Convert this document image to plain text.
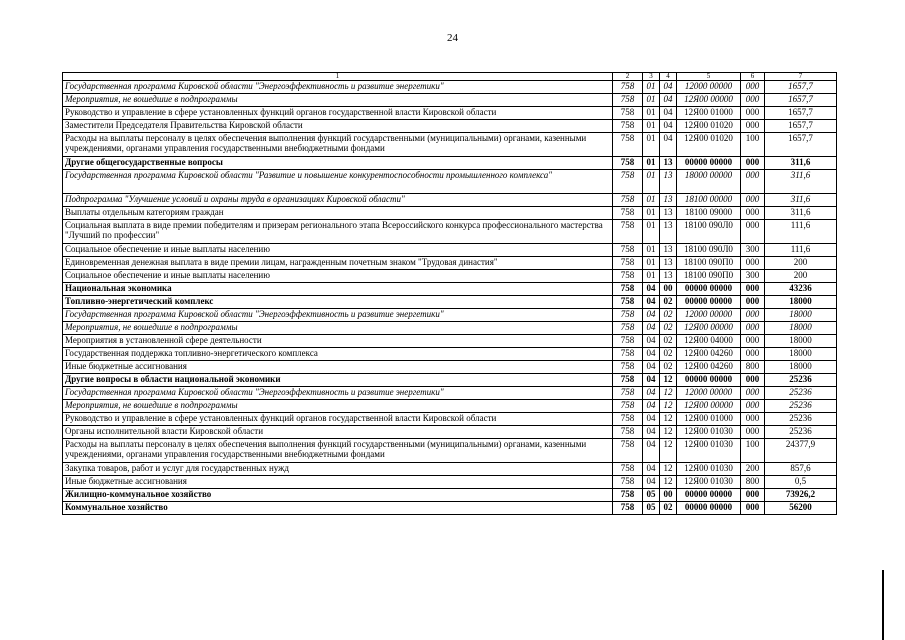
24
1	2	3	4	5	6	7
Государственная программа Кировской области "Энергоэффективность и развитие энергетики"	758	01	04	12000 00000	000	1657,7
Мероприятия, не вошедшие в подпрограммы	758	01	04	12Я00 00000	000	1657,7
Руководство и управление в сфере установленных функций органов государственной власти Кировской области	758	01	04	12Я00 01000	000	1657,7
Заместители Председателя Правительства Кировской области	758	01	04	12Я00 01020	000	1657,7
Расходы на выплаты персоналу в целях обеспечения выполнения функций государственными (муниципальными) органами, казенными учреждениями, органами управления государственными внебюджетными фондами	758	01	04	12Я00 01020	100	1657,7
Другие общегосударственные вопросы	758	01	13	00000 00000	000	311,6
Государственная программа Кировской области "Развитие и повышение конкурентоспособности промышленного комплекса"	758	01	13	18000 00000	000	311,6
Подпрограмма "Улучшение условий и охраны труда в организациях Кировской области"	758	01	13	18100 00000	000	311,6
Выплаты отдельным категориям граждан	758	01	13	18100 09000	000	311,6
Социальная выплата в виде премии победителям и призерам регионального этапа Всероссийского конкурса профессионального мастерства "Лучший по профессии"	758	01	13	18100 090Л0	000	111,6
Социальное обеспечение и иные выплаты населению	758	01	13	18100 090Л0	300	111,6
Единовременная денежная выплата в виде премии лицам, награжденным почетным знаком "Трудовая династия"	758	01	13	18100 090П0	000	200
Социальное обеспечение и иные выплаты населению	758	01	13	18100 090П0	300	200
Национальная экономика	758	04	00	00000 00000	000	43236
Топливно-энергетический комплекс	758	04	02	00000 00000	000	18000
Государственная программа Кировской области "Энергоэффективность и развитие энергетики"	758	04	02	12000 00000	000	18000
Мероприятия, не вошедшие в подпрограммы	758	04	02	12Я00 00000	000	18000
Мероприятия в установленной сфере деятельности	758	04	02	12Я00 04000	000	18000
Государственная поддержка топливно-энергетического комплекса	758	04	02	12Я00 04260	000	18000
Иные бюджетные ассигнования	758	04	02	12Я00 04260	800	18000
Другие вопросы в области национальной экономики	758	04	12	00000 00000	000	25236
Государственная программа Кировской области "Энергоэффективность и развитие энергетики"	758	04	12	12000 00000	000	25236
Мероприятия, не вошедшие в подпрограммы	758	04	12	12Я00 00000	000	25236
Руководство и управление в сфере установленных функций органов государственной власти Кировской области	758	04	12	12Я00 01000	000	25236
Органы исполнительной власти Кировской области	758	04	12	12Я00 01030	000	25236
Расходы на выплаты персоналу в целях обеспечения выполнения функций государственными (муниципальными) органами, казенными учреждениями, органами управления государственными внебюджетными фондами	758	04	12	12Я00 01030	100	24377,9
Закупка товаров, работ и услуг для государственных нужд	758	04	12	12Я00 01030	200	857,6
Иные бюджетные ассигнования	758	04	12	12Я00 01030	800	0,5
Жилищно-коммунальное хозяйство	758	05	00	00000 00000	000	73926,2
Коммунальное хозяйство	758	05	02	00000 00000	000	56200
